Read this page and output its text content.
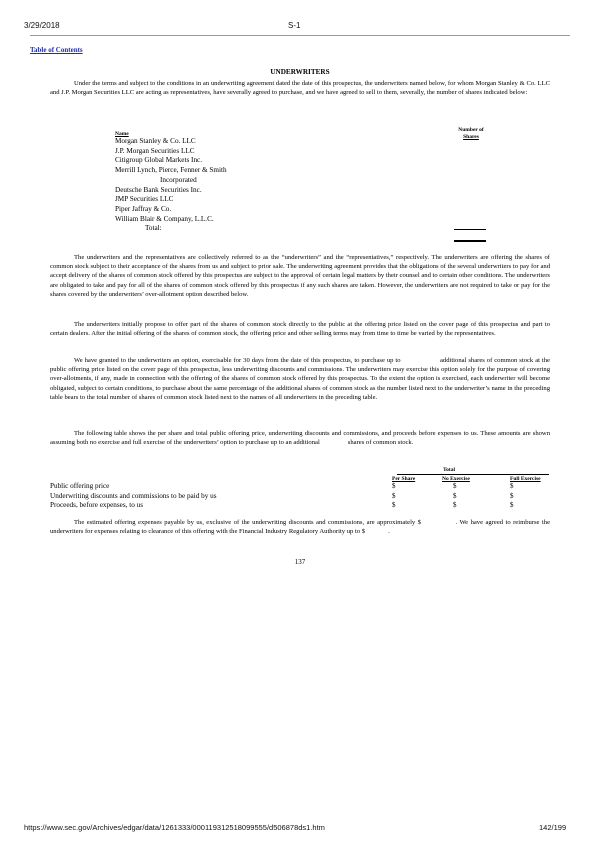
3/29/2018	S-1
Table of Contents
UNDERWRITERS

Under the terms and subject to the conditions in an underwriting agreement dated the date of this prospectus, the underwriters named below, for whom Morgan Stanley & Co. LLC and J.P. Morgan Securities LLC are acting as representatives, have severally agreed to purchase, and we have agreed to sell to them, severally, the number of shares indicated below:

Number of
Shares
Name
Morgan Stanley & Co. LLC
J.P. Morgan Securities LLC
Citigroup Global Markets Inc.
Merrill Lynch, Pierce, Fenner & Smith
Incorporated
Deutsche Bank Securities Inc.
JMP Securities LLC
Piper Jaffray & Co.
William Blair & Company, L.L.C.
Total:

The underwriters and the representatives are collectively referred to as the “underwriters” and the “representatives,” respectively. The underwriters are offering the shares of common stock subject to their acceptance of the shares from us and subject to prior sale. The underwriting agreement provides that the obligations of the several underwriters to pay for and accept delivery of the shares of common stock offered by this prospectus are subject to the approval of certain legal matters by their counsel and to certain other conditions. The underwriters are obligated to take and pay for all of the shares of common stock offered by this prospectus if any such shares are taken. However, the underwriters are not required to take or pay for the shares covered by the underwriters’ over-allotment option described below.

The underwriters initially propose to offer part of the shares of common stock directly to the public at the offering price listed on the cover page of this prospectus and part to certain dealers. After the initial offering of the shares of common stock, the offering price and other selling terms may from time to time be varied by the representatives.

We have granted to the underwriters an option, exercisable for 30 days from the date of this prospectus, to purchase up to                    additional shares of common stock at the public offering price listed on the cover page of this prospectus, less underwriting discounts and commissions. The underwriters may exercise this option solely for the purpose of covering over-allotments, if any, made in connection with the offering of the shares of common stock offered by this prospectus. To the extent the option is exercised, each underwriter will become obligated, subject to certain conditions, to purchase about the same percentage of the additional shares of common stock as the number listed next to the underwriter’s name in the preceding table bears to the total number of shares of common stock listed next to the names of all underwriters in the preceding table.

The following table shows the per share and total public offering price, underwriting discounts and commissions, and proceeds before expenses to us. These amounts are shown assuming both no exercise and full exercise of the underwriters’ option to purchase up to an additional                 shares of common stock.

Total
Per Share	No Exercise	Full Exercise
Public offering price	$	$	$
Underwriting discounts and commissions to be paid by us	$	$	$
Proceeds, before expenses, to us	$	$	$

The estimated offering expenses payable by us, exclusive of the underwriting discounts and commissions, are approximately $              . We have agreed to reimburse the underwriters for expenses relating to clearance of this offering with the Financial Industry Regulatory Authority up to $              .

137
https://www.sec.gov/Archives/edgar/data/1261333/000119312518099555/d506878ds1.htm	142/199
